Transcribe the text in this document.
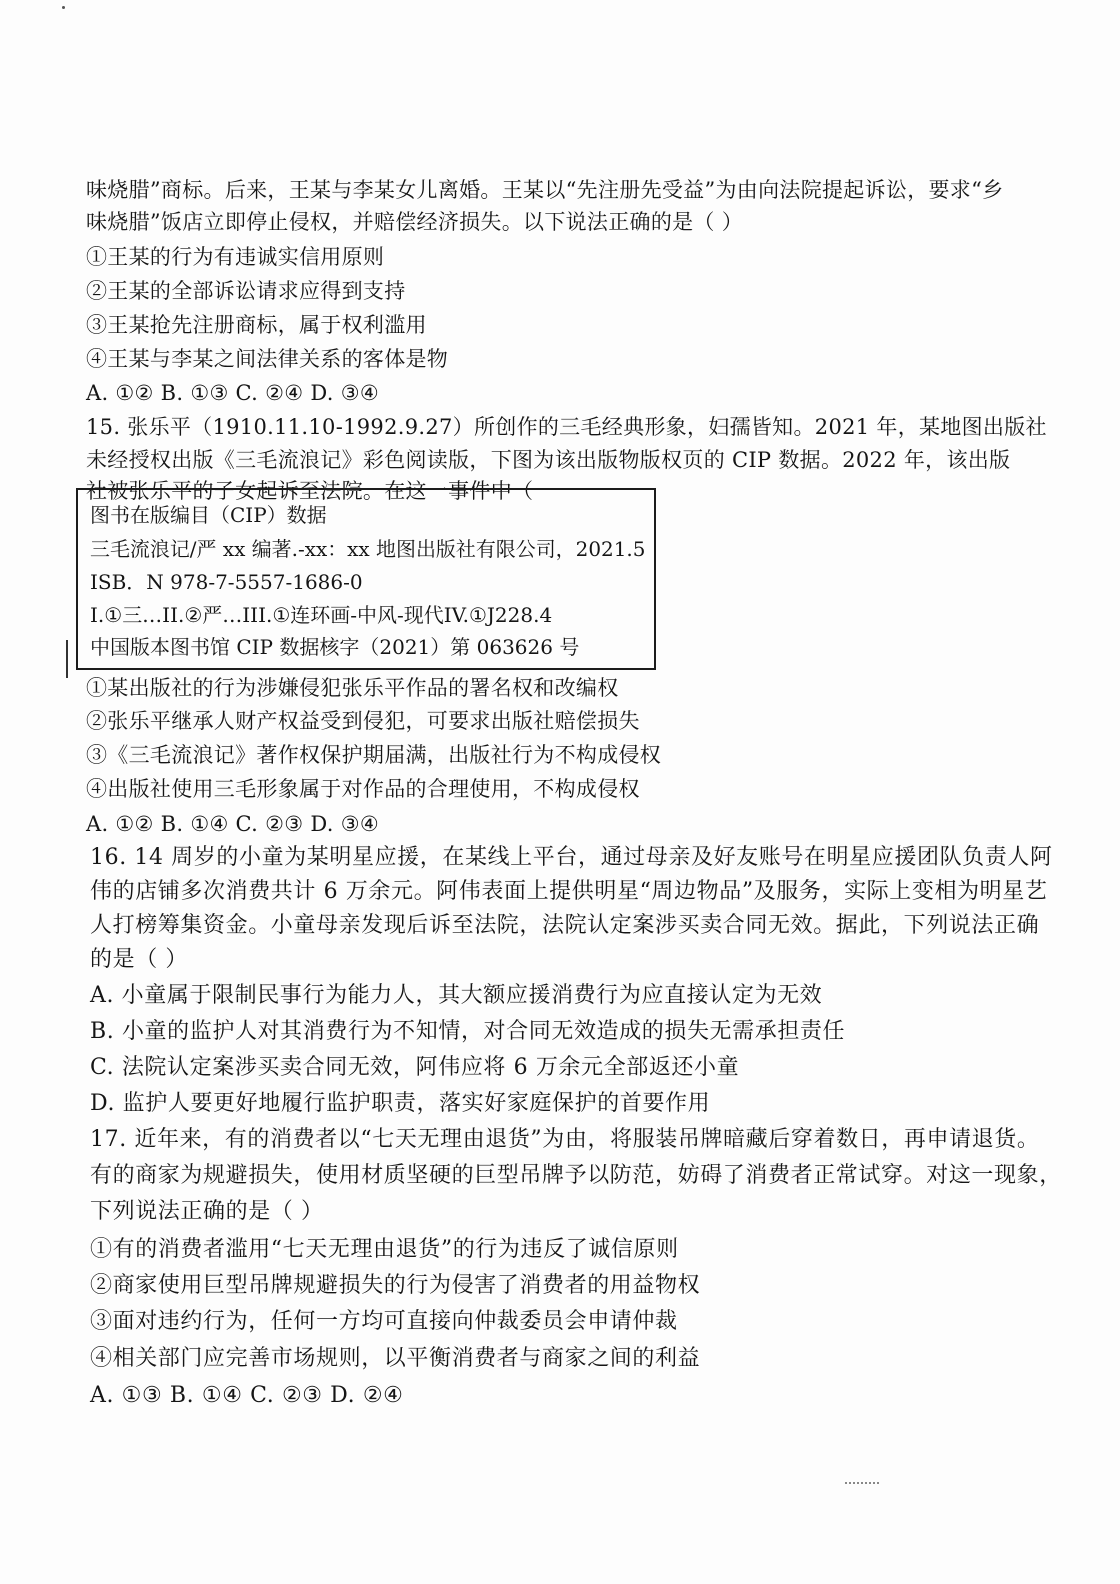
味烧腊”商标。后来，王某与李某女儿离婚。王某以“先注册先受益”为由向法院提起诉讼，要求“乡
味烧腊”饭店立即停止侵权，并赔偿经济损失。以下说法正确的是（ ）
①王某的行为有违诚实信用原则
②王某的全部诉讼请求应得到支持
③王某抢先注册商标，属于权利滥用
④王某与李某之间法律关系的客体是物
A. ①② B. ①③ C. ②④ D. ③④
15. 张乐平（1910.11.10-1992.9.27）所创作的三毛经典形象，妇孺皆知。2021 年，某地图出版社
未经授权出版《三毛流浪记》彩色阅读版，下图为该出版物版权页的 CIP 数据。2022 年，该出版
社被张乐平的子女起诉至法院。在这一事件中（
图书在版编目（CIP）数据
三毛流浪记/严 xx 编著.-xx：xx 地图出版社有限公司，2021.5
ISB．N 978-7-5557-1686-0
I.①三…II.②严…III.①连环画-中风-现代IV.①J228.4
中国版本图书馆 CIP 数据核字（2021）第 063626 号
①某出版社的行为涉嫌侵犯张乐平作品的署名权和改编权
②张乐平继承人财产权益受到侵犯，可要求出版社赔偿损失
③《三毛流浪记》著作权保护期届满，出版社行为不构成侵权
④出版社使用三毛形象属于对作品的合理使用，不构成侵权
A. ①② B. ①④ C. ②③ D. ③④
16. 14 周岁的小童为某明星应援，在某线上平台，通过母亲及好友账号在明星应援团队负责人阿
伟的店铺多次消费共计 6 万余元。阿伟表面上提供明星“周边物品”及服务，实际上变相为明星艺
人打榜筹集资金。小童母亲发现后诉至法院，法院认定案涉买卖合同无效。据此，下列说法正确
的是（ ）
A. 小童属于限制民事行为能力人，其大额应援消费行为应直接认定为无效
B. 小童的监护人对其消费行为不知情，对合同无效造成的损失无需承担责任
C. 法院认定案涉买卖合同无效，阿伟应将 6 万余元全部返还小童
D. 监护人要更好地履行监护职责，落实好家庭保护的首要作用
17. 近年来，有的消费者以“七天无理由退货”为由，将服装吊牌暗藏后穿着数日，再申请退货。
有的商家为规避损失，使用材质坚硬的巨型吊牌予以防范，妨碍了消费者正常试穿。对这一现象，
下列说法正确的是（ ）
①有的消费者滥用“七天无理由退货”的行为违反了诚信原则
②商家使用巨型吊牌规避损失的行为侵害了消费者的用益物权
③面对违约行为，任何一方均可直接向仲裁委员会申请仲裁
④相关部门应完善市场规则，以平衡消费者与商家之间的利益
A. ①③ B. ①④ C. ②③ D. ②④
